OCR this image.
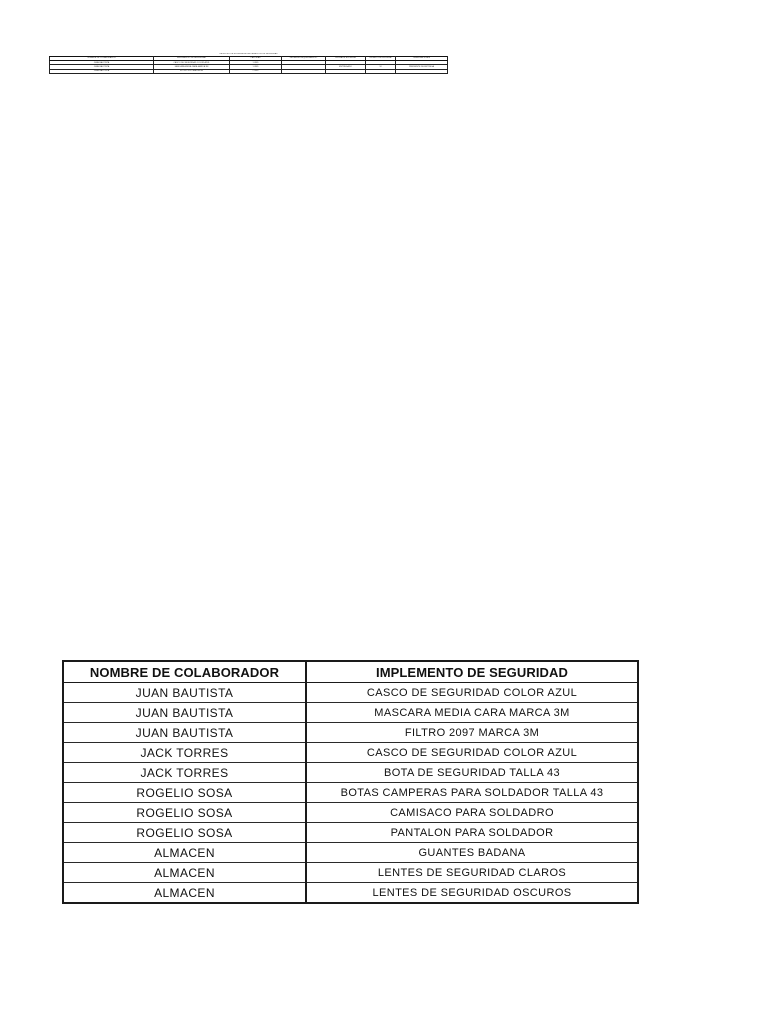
REGISTRO DE ENTREGA DE IMPLEMENTOS DE SEGURIDAD						
NOMBRE DE COLABORADOR	IMPLEMENTO DE SEGURIDAD	CANTIDAD	FECHA DE REQUERIMIENTO	FECHA DE ENTREGA	ESTADO DE ENTREGA	OBSERVACIONES
JUAN BAUTISTA	CASCO DE SEGURIDAD COLOR AZUL	1 UND				
JUAN BAUTISTA	MASCARA MEDIA CARA MARCA 3M	1 UND		ENTREGADO	SI	PENDIENTE DE ENTREGA
JUAN BAUTISTA	FILTRO 2097 MARCA 3M	2 UND				
NOMBRE DE COLABORADOR	IMPLEMENTO DE SEGURIDAD
JUAN BAUTISTA	CASCO DE SEGURIDAD COLOR AZUL
JUAN BAUTISTA	MASCARA MEDIA CARA MARCA 3M
JUAN BAUTISTA	FILTRO 2097 MARCA 3M
JACK TORRES	CASCO DE SEGURIDAD COLOR AZUL
JACK TORRES	BOTA DE SEGURIDAD TALLA 43
ROGELIO SOSA	BOTAS CAMPERAS PARA SOLDADOR TALLA 43
ROGELIO SOSA	CAMISACO PARA SOLDADRO
ROGELIO SOSA	PANTALON PARA SOLDADOR
ALMACEN	GUANTES BADANA
ALMACEN	LENTES DE SEGURIDAD CLAROS
ALMACEN	LENTES DE SEGURIDAD OSCUROS
